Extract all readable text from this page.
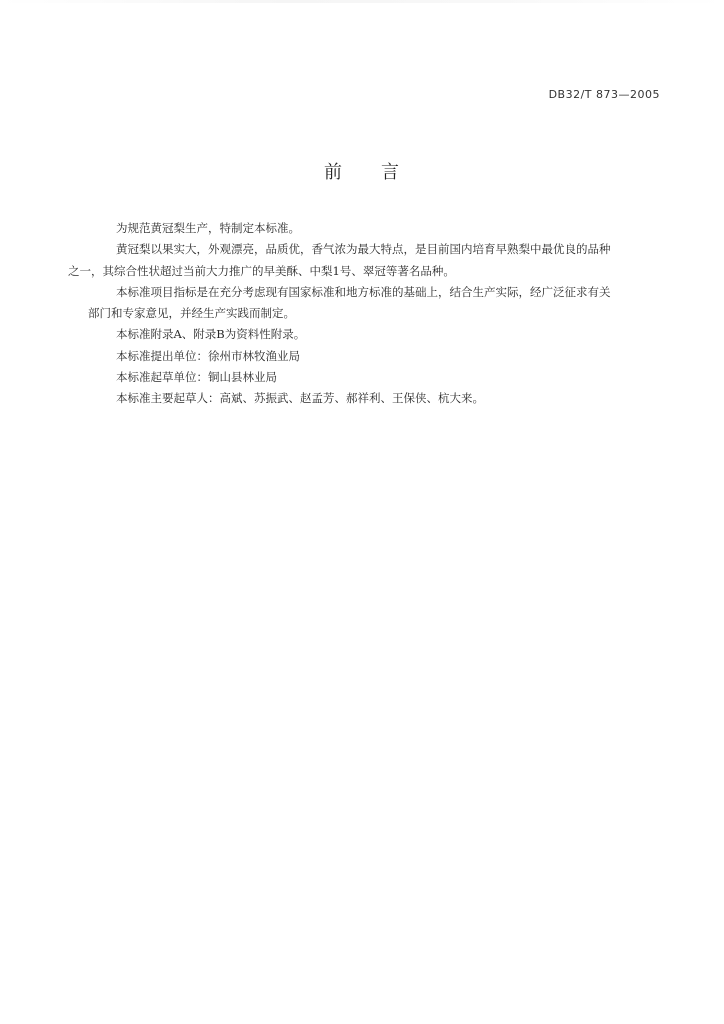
DB32/T 873—2005
前 言

为规范黄冠梨生产，特制定本标准。

黄冠梨以果实大，外观漂亮，品质优，香气浓为最大特点，是目前国内培育早熟梨中最优良的品种

之一，其综合性状超过当前大力推广的早美酥、中梨1号、翠冠等著名品种。

本标准项目指标是在充分考虑现有国家标准和地方标准的基础上，结合生产实际，经广泛征求有关

部门和专家意见，并经生产实践而制定。

本标准附录A、附录B为资料性附录。

本标准提出单位：徐州市林牧渔业局

本标准起草单位：铜山县林业局

本标准主要起草人：高斌、苏振武、赵孟芳、郝祥利、王保侠、杭大来。
